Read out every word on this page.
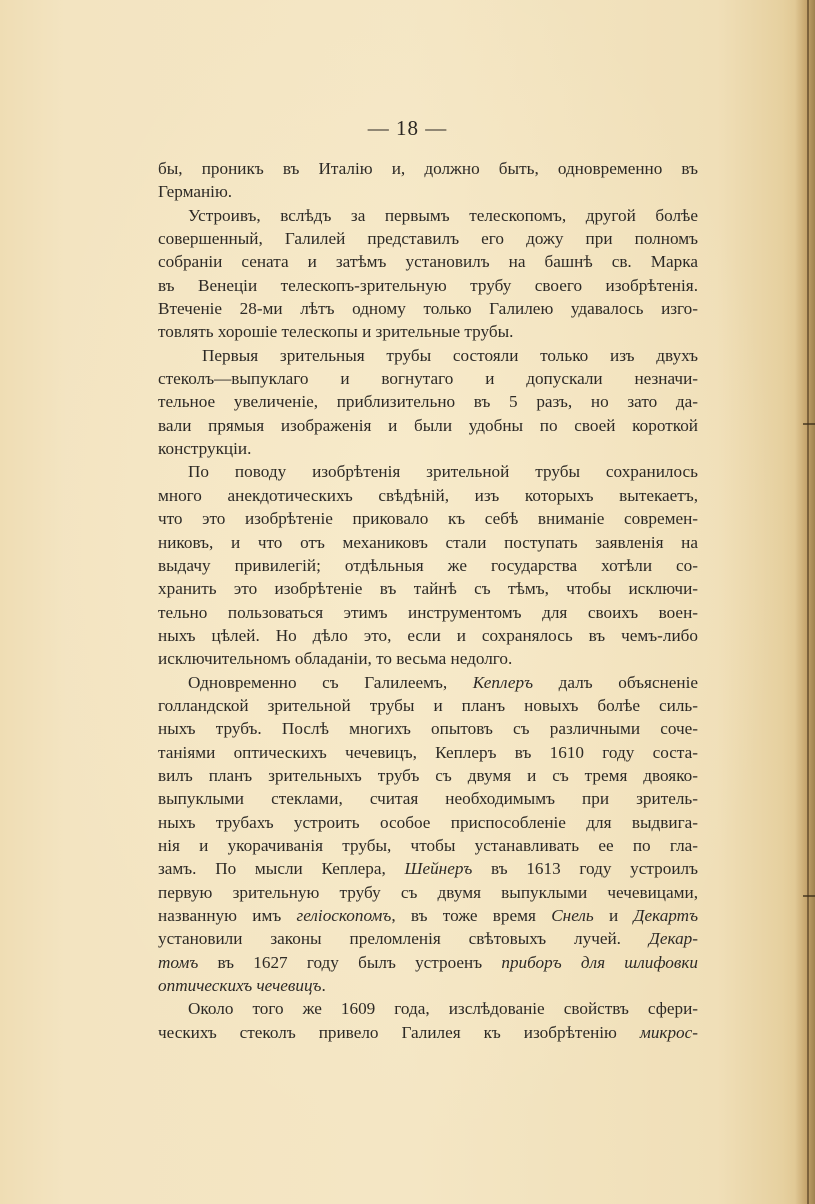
— 18 —
бы, проникъ въ Италію и, должно быть, одновременно въ
Германію.
Устроивъ, вслѣдъ за первымъ телескопомъ, другой болѣе
совершенный, Галилей представилъ его дожу при полномъ
собраніи сената и затѣмъ установилъ на башнѣ св. Марка
въ Венеціи телескопъ-зрительную трубу своего изобрѣтенія.
Втеченіе 28-ми лѣтъ одному только Галилею удавалось изго-
товлять хорошіе телескопы и зрительные трубы.
Первыя зрительныя трубы состояли только изъ двухъ
стеколъ—выпуклаго и вогнутаго и допускали незначи-
тельное увеличеніе, приблизительно въ 5 разъ, но зато да-
вали прямыя изображенія и были удобны по своей короткой
конструкціи.
По поводу изобрѣтенія зрительной трубы сохранилось
много анекдотическихъ свѣдѣній, изъ которыхъ вытекаетъ,
что это изобрѣтеніе приковало къ себѣ вниманіе современ-
никовъ, и что отъ механиковъ стали поступать заявленія на
выдачу привилегій; отдѣльныя же государства хотѣли со-
хранить это изобрѣтеніе въ тайнѣ съ тѣмъ, чтобы исключи-
тельно пользоваться этимъ инструментомъ для своихъ воен-
ныхъ цѣлей. Но дѣло это, если и сохранялось въ чемъ-либо
исключительномъ обладаніи, то весьма недолго.
Одновременно съ Галилеемъ, Кеплеръ далъ объясненіе
голландской зрительной трубы и планъ новыхъ болѣе силь-
ныхъ трубъ. Послѣ многихъ опытовъ съ различными соче-
таніями оптическихъ чечевицъ, Кеплеръ въ 1610 году соста-
вилъ планъ зрительныхъ трубъ съ двумя и съ тремя двояко-
выпуклыми стеклами, считая необходимымъ при зритель-
ныхъ трубахъ устроить особое приспособленіе для выдвига-
нія и укорачиванія трубы, чтобы устанавливать ее по гла-
замъ. По мысли Кеплера, Шейнеръ въ 1613 году устроилъ
первую зрительную трубу съ двумя выпуклыми чечевицами,
названную имъ геліоскопомъ, въ тоже время Снель и Декартъ
установили законы преломленія свѣтовыхъ лучей. Декар-
томъ въ 1627 году былъ устроенъ приборъ для шлифовки
оптическихъ чечевицъ.
Около того же 1609 года, изслѣдованіе свойствъ сфери-
ческихъ стеколъ привело Галилея къ изобрѣтенію микрос-
